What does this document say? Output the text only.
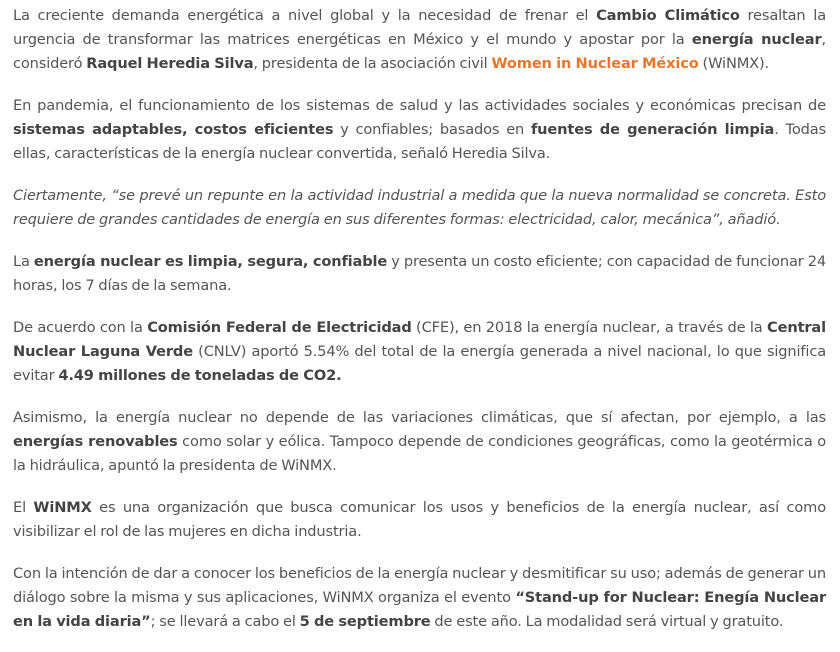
La creciente demanda energética a nivel global y la necesidad de frenar el Cambio Climático resaltan la urgencia de transformar las matrices energéticas en México y el mundo y apostar por la energía nuclear, consideró Raquel Heredia Silva, presidenta de la asociación civil Women in Nuclear México (WiNMX).

En pandemia, el funcionamiento de los sistemas de salud y las actividades sociales y económicas precisan de sistemas adaptables, costos eficientes y confiables; basados en fuentes de generación limpia. Todas ellas, características de la energía nuclear convertida, señaló Heredia Silva.

Ciertamente, “se prevé un repunte en la actividad industrial a medida que la nueva normalidad se concreta. Esto requiere de grandes cantidades de energía en sus diferentes formas: electricidad, calor, mecánica”, añadió.

La energía nuclear es limpia, segura, confiable y presenta un costo eficiente; con capacidad de funcionar 24 horas, los 7 días de la semana.

De acuerdo con la Comisión Federal de Electricidad (CFE), en 2018 la energía nuclear, a través de la Central Nuclear Laguna Verde (CNLV) aportó 5.54% del total de la energía generada a nivel nacional, lo que significa evitar 4.49 millones de toneladas de CO2.

Asimismo, la energía nuclear no depende de las variaciones climáticas, que sí afectan, por ejemplo, a las energías renovables como solar y eólica. Tampoco depende de condiciones geográficas, como la geotérmica o la hidráulica, apuntó la presidenta de WiNMX.

El WiNMX es una organización que busca comunicar los usos y beneficios de la energía nuclear, así como visibilizar el rol de las mujeres en dicha industria.

Con la intención de dar a conocer los beneficios de la energía nuclear y desmitificar su uso; además de generar un diálogo sobre la misma y sus aplicaciones, WiNMX organiza el evento “Stand-up for Nuclear: Enegía Nuclear en la vida diaria”; se llevará a cabo el 5 de septiembre de este año. La modalidad será virtual y gratuito.
